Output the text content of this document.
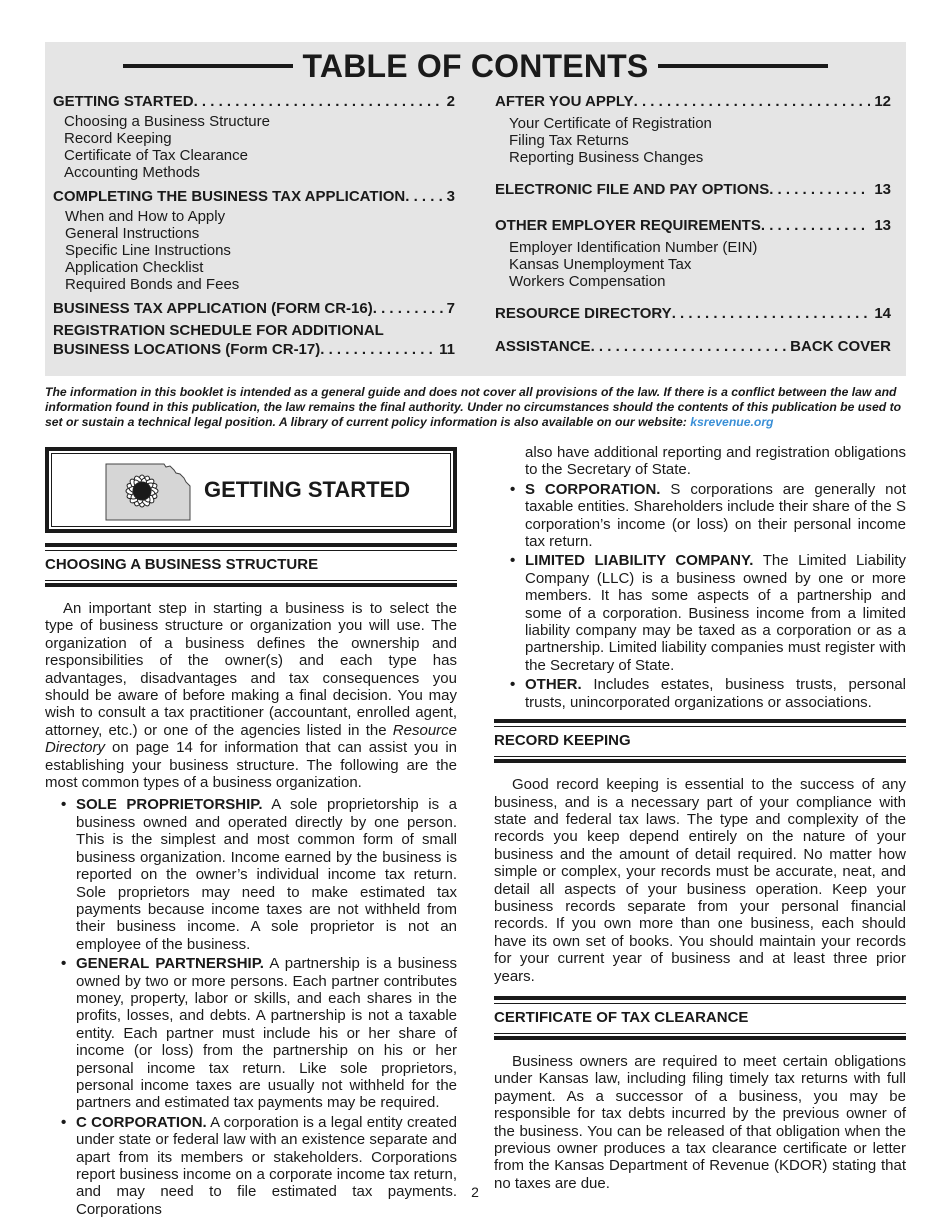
TABLE OF CONTENTS
GETTING STARTED . . .	2
Choosing a Business Structure
Record Keeping
Certificate of Tax Clearance
Accounting Methods
COMPLETING THE BUSINESS TAX APPLICATION . . .	3
When and How to Apply
General Instructions
Specific Line Instructions
Application Checklist
Required Bonds and Fees
BUSINESS TAX APPLICATION (FORM CR-16) . . .	7
REGISTRATION SCHEDULE FOR ADDITIONAL
BUSINESS LOCATIONS (Form CR-17) . . .	11
AFTER YOU APPLY . . .	12
Your Certificate of Registration
Filing Tax Returns
Reporting Business Changes
ELECTRONIC FILE AND PAY OPTIONS . . .	13
OTHER EMPLOYER REQUIREMENTS . . .	13
Employer Identification Number (EIN)
Kansas Unemployment Tax
Workers Compensation
RESOURCE DIRECTORY . . .	14
ASSISTANCE . . .	BACK COVER
The information in this booklet is intended as a general guide and does not cover all provisions of the law. If there is a conflict between the law and information found in this publication, the law remains the final authority. Under no circumstances should the contents of this publication be used to set or sustain a technical legal position. A library of current policy information is also available on our website: ksrevenue.org
GETTING STARTED
CHOOSING A BUSINESS STRUCTURE

An important step in starting a business is to select the type of business structure or organization you will use. The organization of a business defines the ownership and responsibilities of the owner(s) and each type has advantages, disadvantages and tax consequences you should be aware of before making a final decision. You may wish to consult a tax practitioner (accountant, enrolled agent, attorney, etc.) or one of the agencies listed in the Resource Directory on page 14 for information that can assist you in establishing your business structure. The following are the most common types of a business organization.

• SOLE PROPRIETORSHIP. A sole proprietorship is a business owned and operated directly by one person. This is the simplest and most common form of small business organization. Income earned by the business is reported on the owner’s individual income tax return. Sole proprietors may need to make estimated tax payments because income taxes are not withheld from their business income. A sole proprietor is not an employee of the business.
• GENERAL PARTNERSHIP. A partnership is a business owned by two or more persons. Each partner contributes money, property, labor or skills, and each shares in the profits, losses, and debts. A partnership is not a taxable entity. Each partner must include his or her share of income (or loss) from the partnership on his or her personal income tax return. Like sole proprietors, personal income taxes are usually not withheld for the partners and estimated tax payments may be required.
• C CORPORATION. A corporation is a legal entity created under state or federal law with an existence separate and apart from its members or stakeholders. Corporations report business income on a corporate income tax return, and may need to file estimated tax payments. Corporations
also have additional reporting and registration obligations to the Secretary of State.
• S CORPORATION. S corporations are generally not taxable entities. Shareholders include their share of the S corporation’s income (or loss) on their personal income tax return.
• LIMITED LIABILITY COMPANY. The Limited Liability Company (LLC) is a business owned by one or more members. It has some aspects of a partnership and some of a corporation. Business income from a limited liability company may be taxed as a corporation or as a partnership. Limited liability companies must register with the Secretary of State.
• OTHER. Includes estates, business trusts, personal trusts, unincorporated organizations or associations.
RECORD KEEPING

Good record keeping is essential to the success of any business, and is a necessary part of your compliance with state and federal tax laws. The type and complexity of the records you keep depend entirely on the nature of your business and the amount of detail required. No matter how simple or complex, your records must be accurate, neat, and detail all aspects of your business operation. Keep your business records separate from your personal financial records. If you own more than one business, each should have its own set of books. You should maintain your records for your current year of business and at least three prior years.

CERTIFICATE OF TAX CLEARANCE

Business owners are required to meet certain obligations under Kansas law, including filing timely tax returns with full payment. As a successor of a business, you may be responsible for tax debts incurred by the previous owner of the business. You can be released of that obligation when the previous owner produces a tax clearance certificate or letter from the Kansas Department of Revenue (KDOR) stating that no taxes are due.

2
